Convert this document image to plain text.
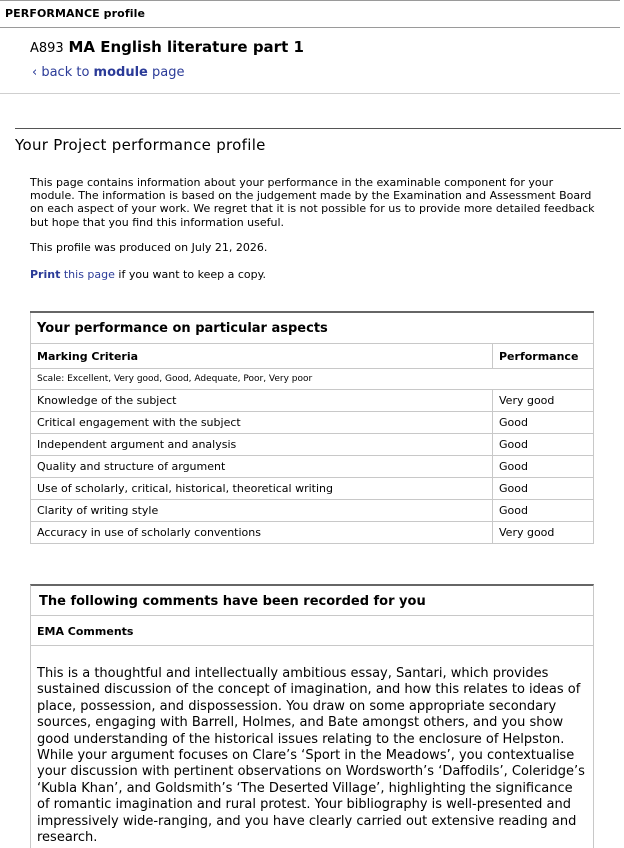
PERFORMANCE profile
A893 MA English literature part 1
‹ back to module page
Your Project performance profile
This page contains information about your performance in the examinable component for your module. The information is based on the judgement made by the Examination and Assessment Board on each aspect of your work. We regret that it is not possible for us to provide more detailed feedback but hope that you find this information useful.
This profile was produced on July 21, 2026.
Print this page if you want to keep a copy.
Your performance on particular aspects	
Marking Criteria	Performance
Scale: Excellent, Very good, Good, Adequate, Poor, Very poor	
Knowledge of the subject	Very good
Critical engagement with the subject	Good
Independent argument and analysis	Good
Quality and structure of argument	Good
Use of scholarly, critical, historical, theoretical writing	Good
Clarity of writing style	Good
Accuracy in use of scholarly conventions	Very good
The following comments have been recorded for you
EMA Comments
This is a thoughtful and intellectually ambitious essay, Santari, which provides sustained discussion of the concept of imagination, and how this relates to ideas of place, possession, and dispossession. You draw on some appropriate secondary sources, engaging with Barrell, Holmes, and Bate amongst others, and you show good understanding of the historical issues relating to the enclosure of Helpston. While your argument focuses on Clare’s ‘Sport in the Meadows’, you contextualise your discussion with pertinent observations on Wordsworth’s ‘Daffodils’, Coleridge’s ‘Kubla Khan’, and Goldsmith’s ‘The Deserted Village’, highlighting the significance of romantic imagination and rural protest. Your bibliography is well-presented and impressively wide-ranging, and you have clearly carried out extensive reading and research.
